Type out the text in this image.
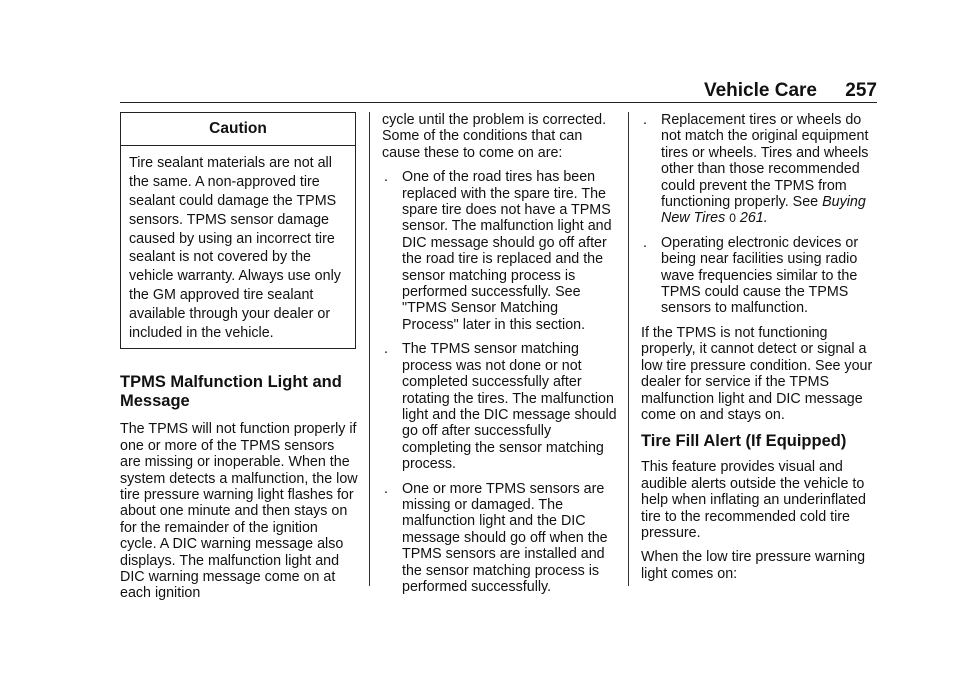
Vehicle Care 257
Caution

Tire sealant materials are not all the same. A non-approved tire sealant could damage the TPMS sensors. TPMS sensor damage caused by using an incorrect tire sealant is not covered by the vehicle warranty. Always use only the GM approved tire sealant available through your dealer or included in the vehicle.

TPMS Malfunction Light and Message

The TPMS will not function properly if one or more of the TPMS sensors are missing or inoperable. When the system detects a malfunction, the low tire pressure warning light flashes for about one minute and then stays on for the remainder of the ignition cycle. A DIC warning message also displays. The malfunction light and DIC warning message come on at each ignition

cycle until the problem is corrected. Some of the conditions that can cause these to come on are:

. One of the road tires has been replaced with the spare tire. The spare tire does not have a TPMS sensor. The malfunction light and DIC message should go off after the road tire is replaced and the sensor matching process is performed successfully. See "TPMS Sensor Matching Process" later in this section.
. The TPMS sensor matching process was not done or not completed successfully after rotating the tires. The malfunction light and the DIC message should go off after successfully completing the sensor matching process.
. One or more TPMS sensors are missing or damaged. The malfunction light and the DIC message should go off when the TPMS sensors are installed and the sensor matching process is performed successfully.
. Replacement tires or wheels do not match the original equipment tires or wheels. Tires and wheels other than those recommended could prevent the TPMS from functioning properly. See Buying New Tires 0 261.
. Operating electronic devices or being near facilities using radio wave frequencies similar to the TPMS could cause the TPMS sensors to malfunction.

If the TPMS is not functioning properly, it cannot detect or signal a low tire pressure condition. See your dealer for service if the TPMS malfunction light and DIC message come on and stays on.

Tire Fill Alert (If Equipped)

This feature provides visual and audible alerts outside the vehicle to help when inflating an underinflated tire to the recommended cold tire pressure.

When the low tire pressure warning light comes on:
